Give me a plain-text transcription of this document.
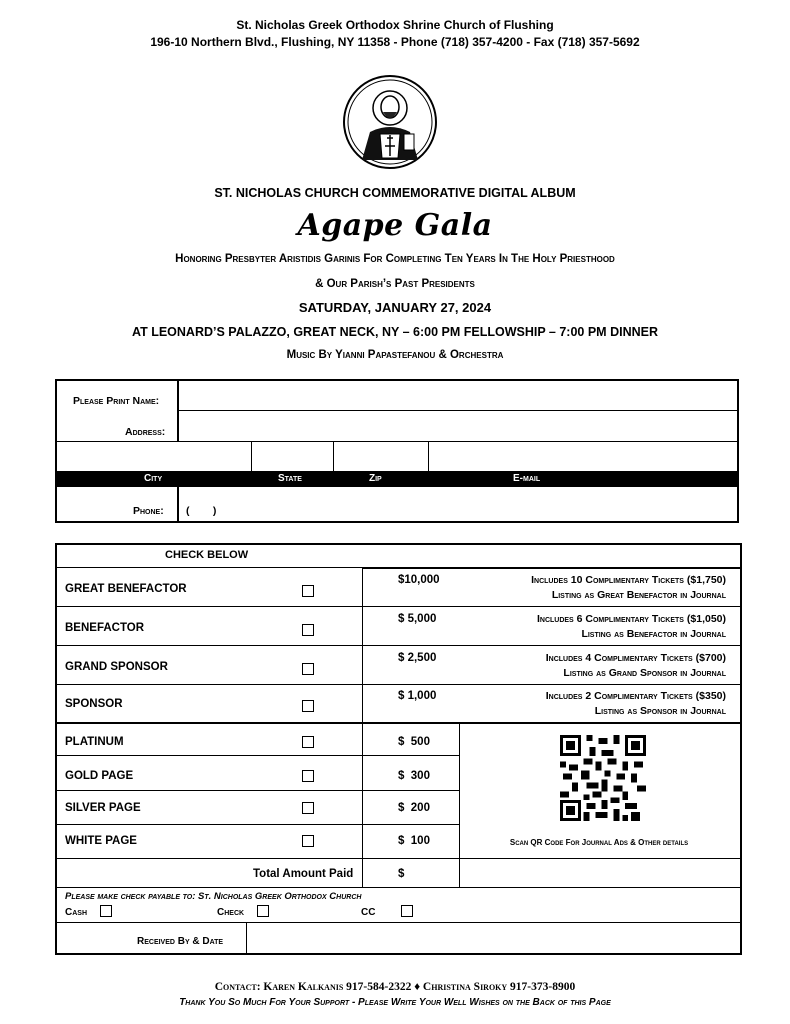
St. Nicholas Greek Orthodox Shrine Church of Flushing
196-10 Northern Blvd., Flushing, NY 11358 - Phone (718) 357-4200 - Fax (718) 357-5692
ST. NICHOLAS CHURCH COMMEMORATIVE DIGITAL ALBUM
Agape Gala
Honoring Presbyter Aristidis Garinis For Completing Ten Years In The Holy Priesthood
& Our Parish’s Past Presidents
SATURDAY, JANUARY 27, 2024
AT LEONARD’S PALAZZO, GREAT NECK, NY – 6:00 PM FELLOWSHIP – 7:00 PM DINNER
Music By Yianni Papastefanou & Orchestra
Please Print Name:
Address:
City	State	Zip	E-mail
Phone: (        )
CHECK BELOW
GREAT BENEFACTOR
$10,000	Includes 10 Complimentary Tickets ($1,750)
Listing as Great Benefactor in Journal
BENEFACTOR
$ 5,000	Includes 6 Complimentary Tickets ($1,050)
Listing as Benefactor in Journal
GRAND SPONSOR
$ 2,500	Includes 4 Complimentary Tickets ($700)
Listing as Grand Sponsor in Journal
SPONSOR
$ 1,000	Includes 2 Complimentary Tickets ($350)
Listing as Sponsor in Journal
PLATINUM	$  500
GOLD PAGE	$  300
SILVER PAGE	$  200
WHITE PAGE	$  100	Scan QR Code For Journal Ads & Other details
Total Amount Paid	$
Please make check payable to: St. Nicholas Greek Orthodox Church
Cash	Check	CC
Received By & Date
Contact: Karen Kalkanis 917-584-2322 ♦ Christina Siroky 917-373-8900
Thank You So Much For Your Support - Please Write Your Well Wishes on the Back of this Page
